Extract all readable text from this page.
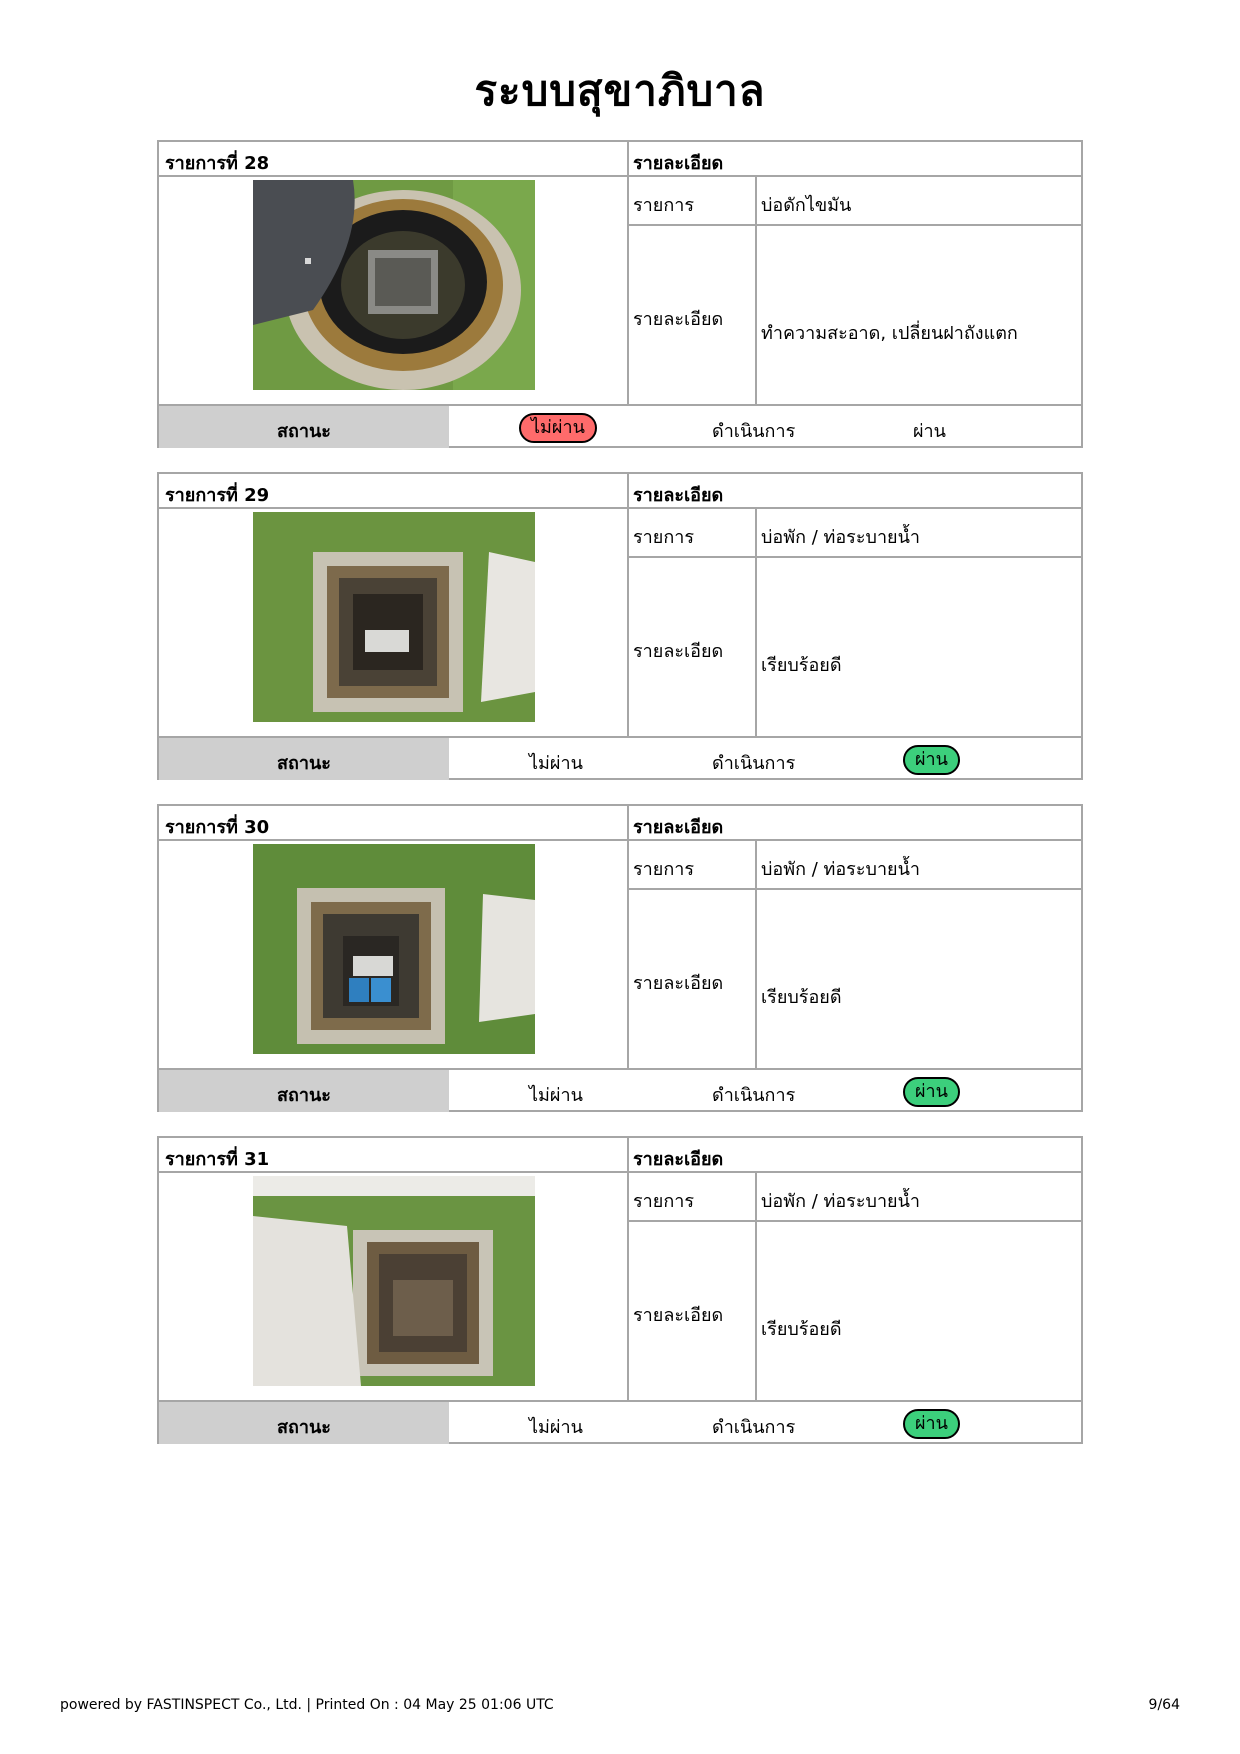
ระบบสุขาภิบาล
รายการที่ 28	รายละเอียด
รายการ	บ่อดักไขมัน
รายละเอียด
ทำความสะอาด, เปลี่ยนฝาถังแตก
สถานะ	ไม่ผ่าน	ดำเนินการ	ผ่าน
รายการที่ 29	รายละเอียด
รายการ	บ่อพัก / ท่อระบายน้ำ
รายละเอียด
เรียบร้อยดี
สถานะ	ไม่ผ่าน	ดำเนินการ	ผ่าน
รายการที่ 30	รายละเอียด
รายการ	บ่อพัก / ท่อระบายน้ำ
รายละเอียด
เรียบร้อยดี
สถานะ	ไม่ผ่าน	ดำเนินการ	ผ่าน
รายการที่ 31	รายละเอียด
รายการ	บ่อพัก / ท่อระบายน้ำ
รายละเอียด
เรียบร้อยดี
สถานะ	ไม่ผ่าน	ดำเนินการ	ผ่าน
powered by FASTINSPECT Co., Ltd. | Printed On : 04 May 25 01:06 UTC	9/64
